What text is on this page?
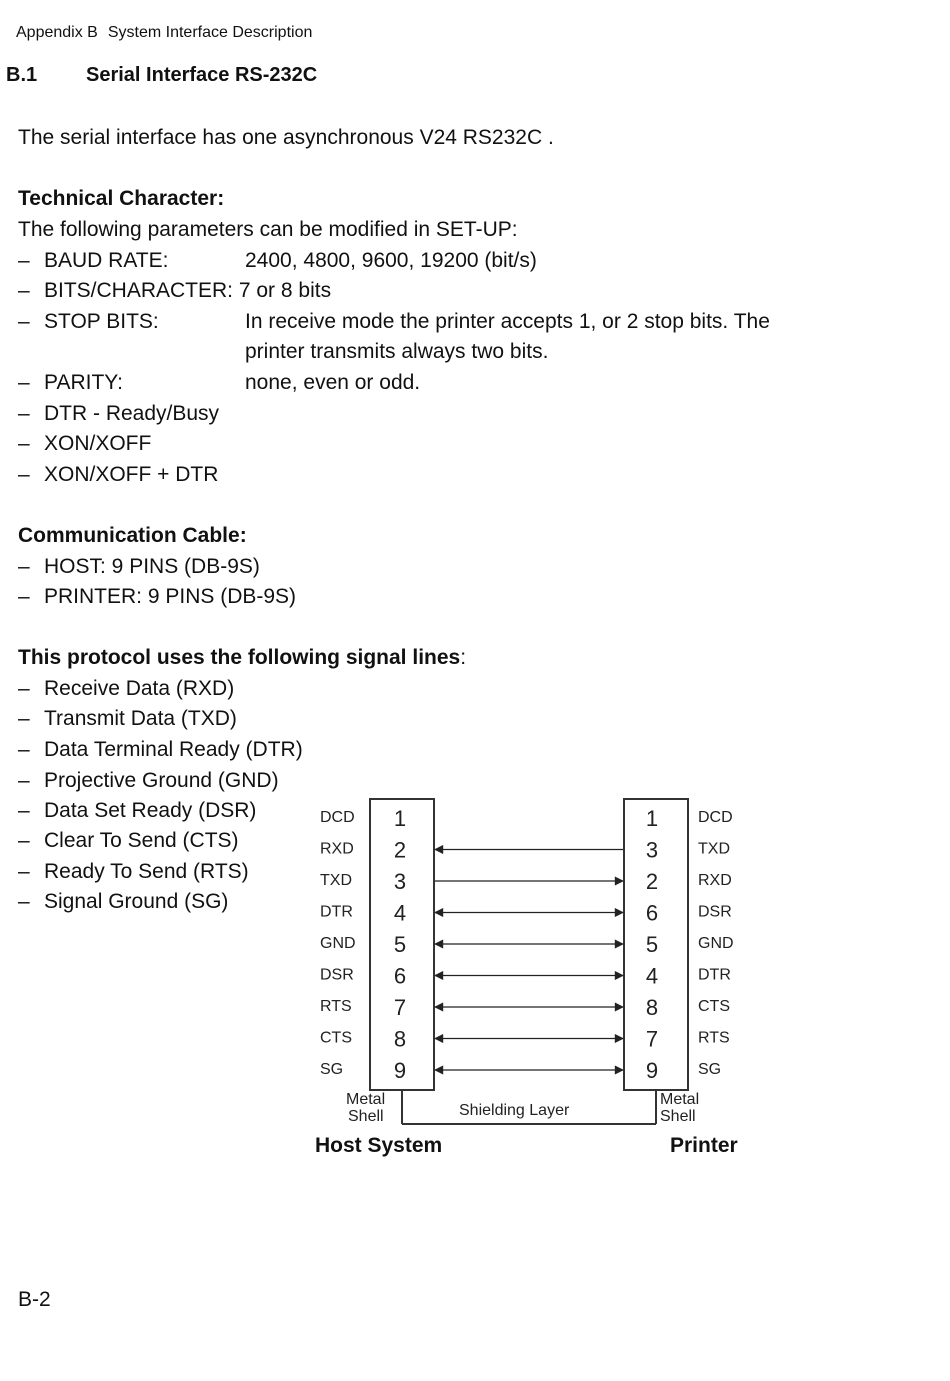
Appendix B System Interface Description
B.1 Serial Interface RS-232C
The serial interface has one asynchronous V24 RS232C .
Technical Character:
The following parameters can be modified in SET-UP:
– BAUD RATE:	2400, 4800, 9600, 19200 (bit/s)
– BITS/CHARACTER: 7 or 8 bits
– STOP BITS:	In receive mode the printer accepts 1, or 2 stop bits. The
printer transmits always two bits.
– PARITY:	none, even or odd.
– DTR - Ready/Busy
– XON/XOFF
– XON/XOFF + DTR
Communication Cable:
– HOST: 9 PINS (DB-9S)
– PRINTER: 9 PINS (DB-9S)
This protocol uses the following signal lines:
– Receive Data (RXD)
– Transmit Data (TXD)
– Data Terminal Ready (DTR)
– Projective Ground (GND)
– Data Set Ready (DSR)
– Clear To Send (CTS)
– Ready To Send (RTS)
– Signal Ground (SG)
DCD 1
RXD 2
TXD 3
DTR 4
GND 5
DSR 6
RTS 7
CTS 8
SG 9
1 DCD
3 TXD
2 RXD
6 DSR
5 GND
4 DTR
8 CTS
7 RTS
9 SG
Metal
Shell	Shielding Layer
Metal
Shell
Host System	Printer
B-2
